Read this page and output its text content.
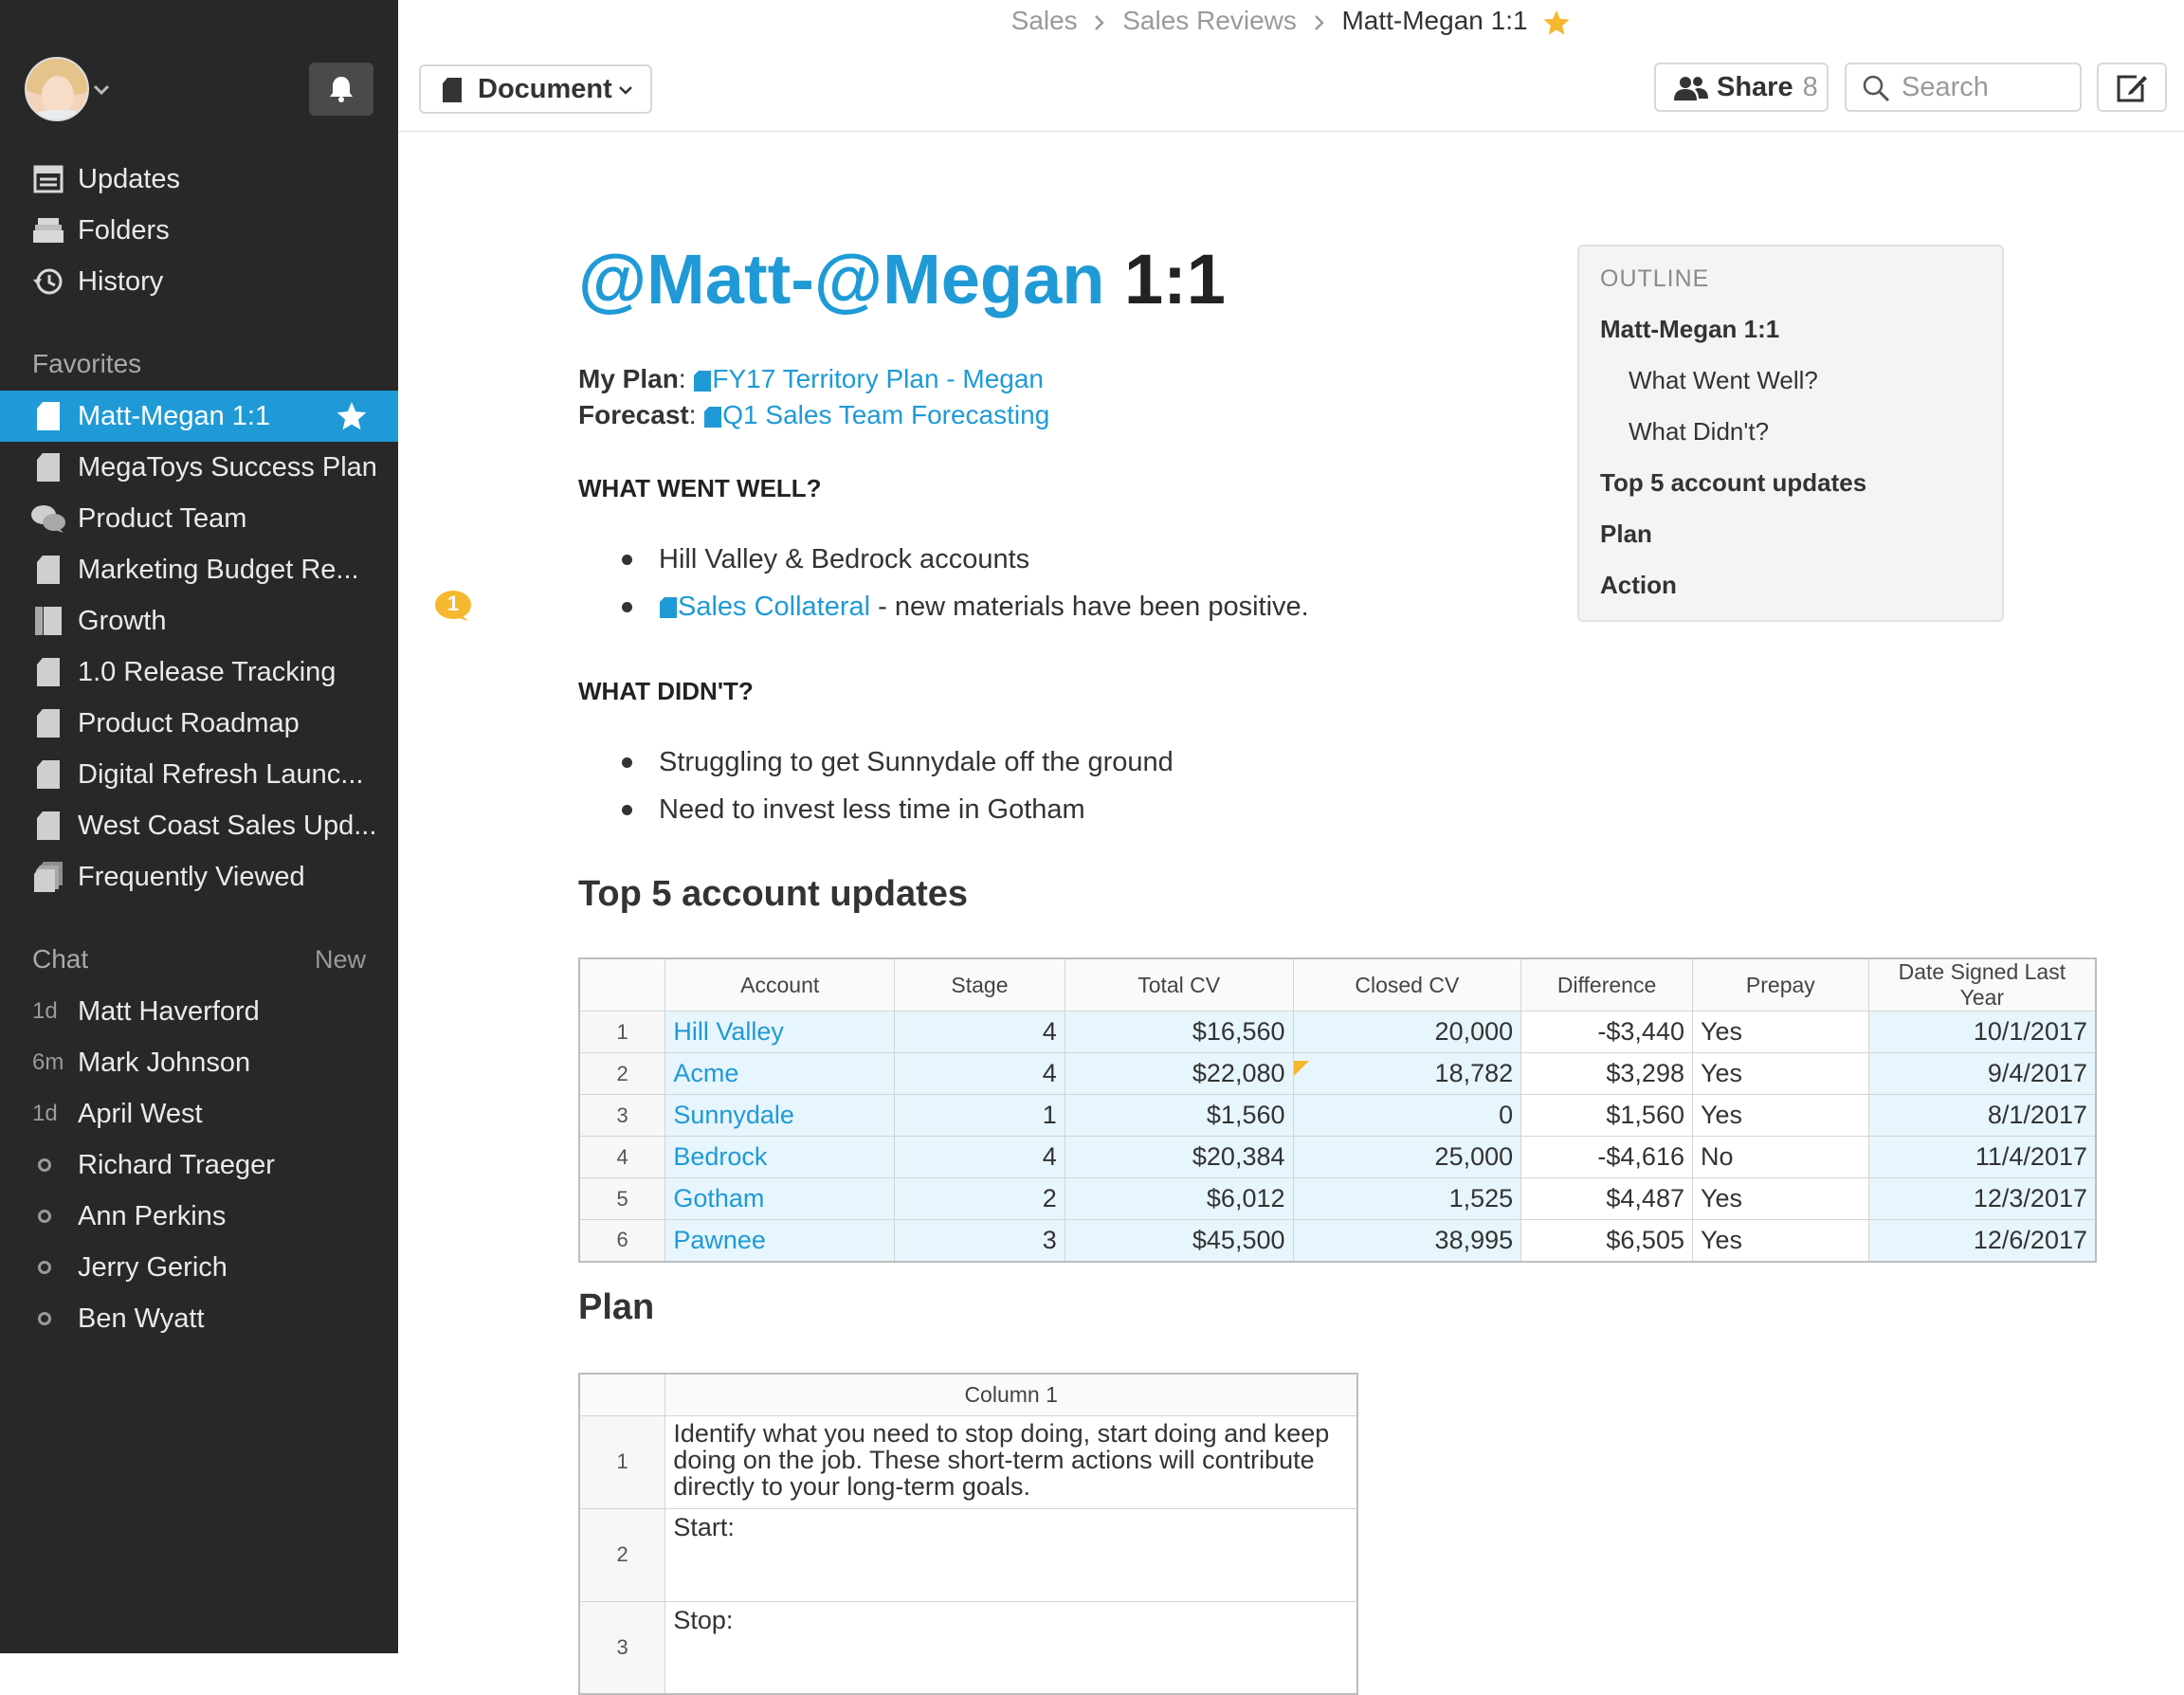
Updates
Folders
History
Favorites
Matt-Megan 1:1
MegaToys Success Plan
Product Team
Marketing Budget Re...
Growth
1.0 Release Tracking
Product Roadmap
Digital Refresh Launc...
West Coast Sales Upd...
Frequently Viewed
Chat	New
1d Matt Haverford
6m Mark Johnson
1d April West
Richard Traeger
Ann Perkins
Jerry Gerich
Ben Wyatt
Sales Sales Reviews Matt-Megan 1:1
Document	Share 8	Search
@Matt-@Megan 1:1
My Plan: FY17 Territory Plan - Megan
Forecast: Q1 Sales Team Forecasting
WHAT WENT WELL?
Hill Valley & Bedrock accounts
Sales Collateral - new materials have been positive.
1
WHAT DIDN'T?
Struggling to get Sunnydale off the ground
Need to invest less time in Gotham
Top 5 account updates
OUTLINE
Matt-Megan 1:1
What Went Well?
What Didn't?
Top 5 account updates
Plan
Action
	Account	Stage	Total CV	Closed CV	Difference	Prepay	Date Signed Last Year
1	Hill Valley	4	$16,560	20,000	-$3,440	Yes	10/1/2017
2	Acme	4	$22,080	18,782	$3,298	Yes	9/4/2017
3	Sunnydale	1	$1,560	0	$1,560	Yes	8/1/2017
4	Bedrock	4	$20,384	25,000	-$4,616	No	11/4/2017
5	Gotham	2	$6,012	1,525	$4,487	Yes	12/3/2017
6	Pawnee	3	$45,500	38,995	$6,505	Yes	12/6/2017
Plan
	Column 1
1	Identify what you need to stop doing, start doing and keep doing on the job. These short-term actions will contribute directly to your long-term goals.
2	Start:
3	Stop:
